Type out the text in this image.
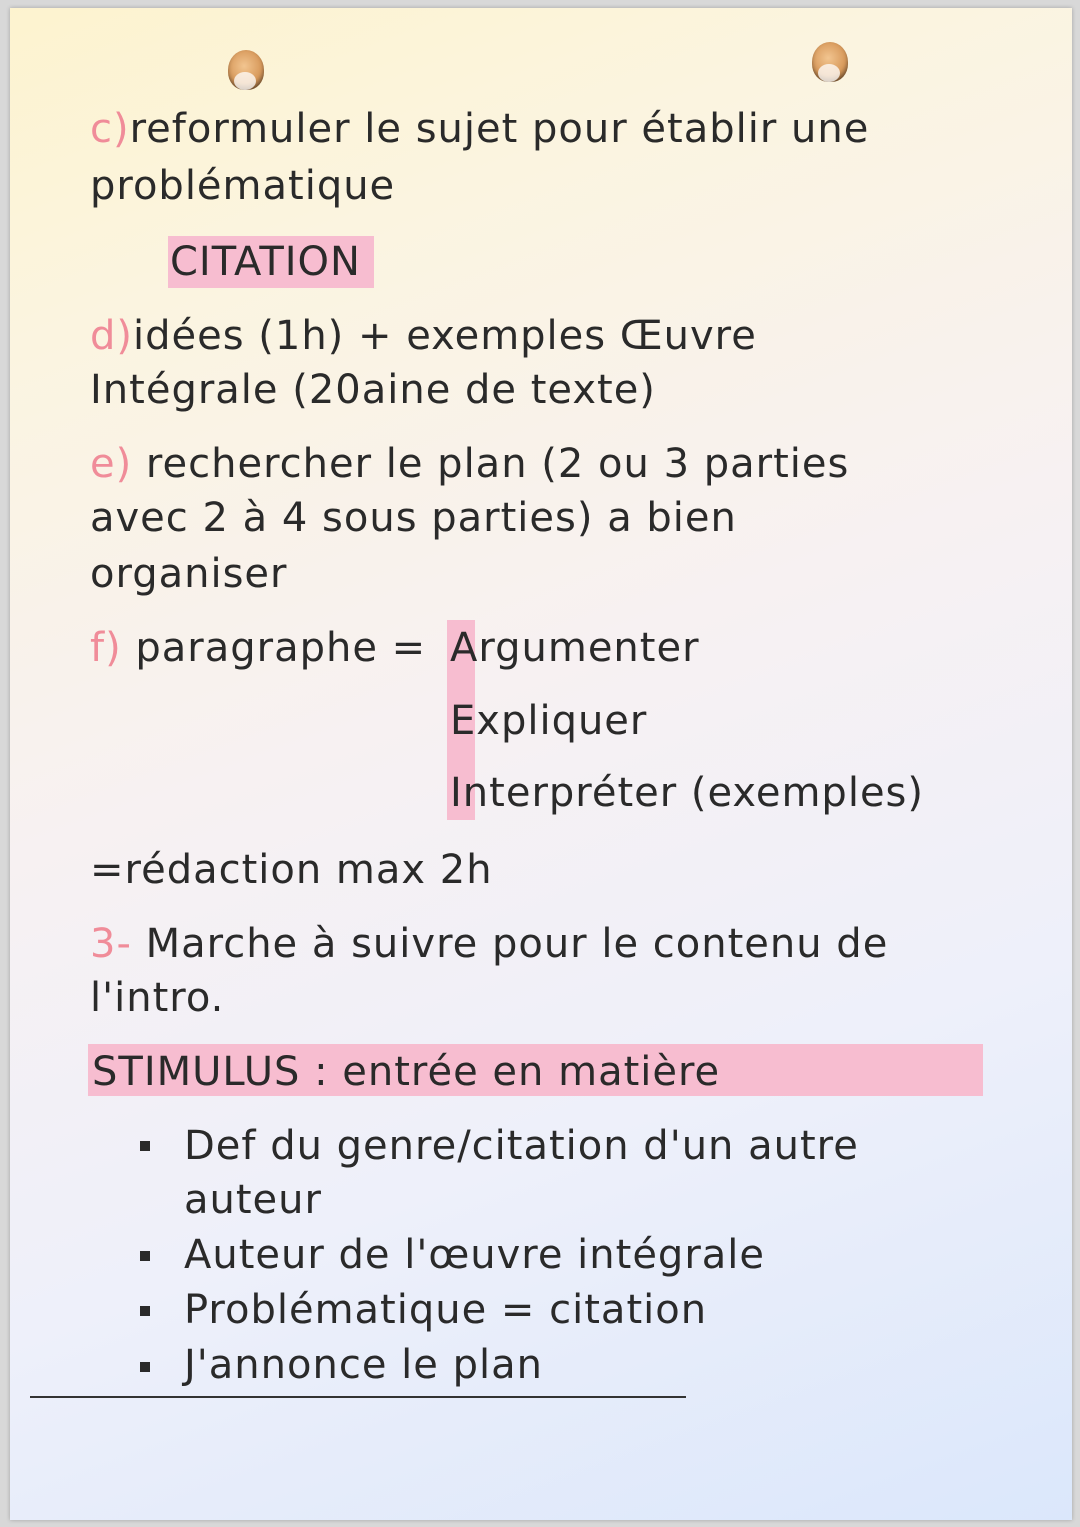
c)reformuler le sujet pour établir une
problématique
CITATION
d)idées (1h) + exemples Œuvre
Intégrale (20aine de texte)
e) rechercher le plan (2 ou 3 parties
avec 2 à 4 sous parties) a bien
organiser
f) paragraphe = Argumenter
Expliquer
Interpréter (exemples)
=rédaction max 2h
3- Marche à suivre pour le contenu de
l'intro.
STIMULUS : entrée en matière
Def du genre/citation d'un autre
auteur
Auteur de l'œuvre intégrale
Problématique = citation
J'annonce le plan
